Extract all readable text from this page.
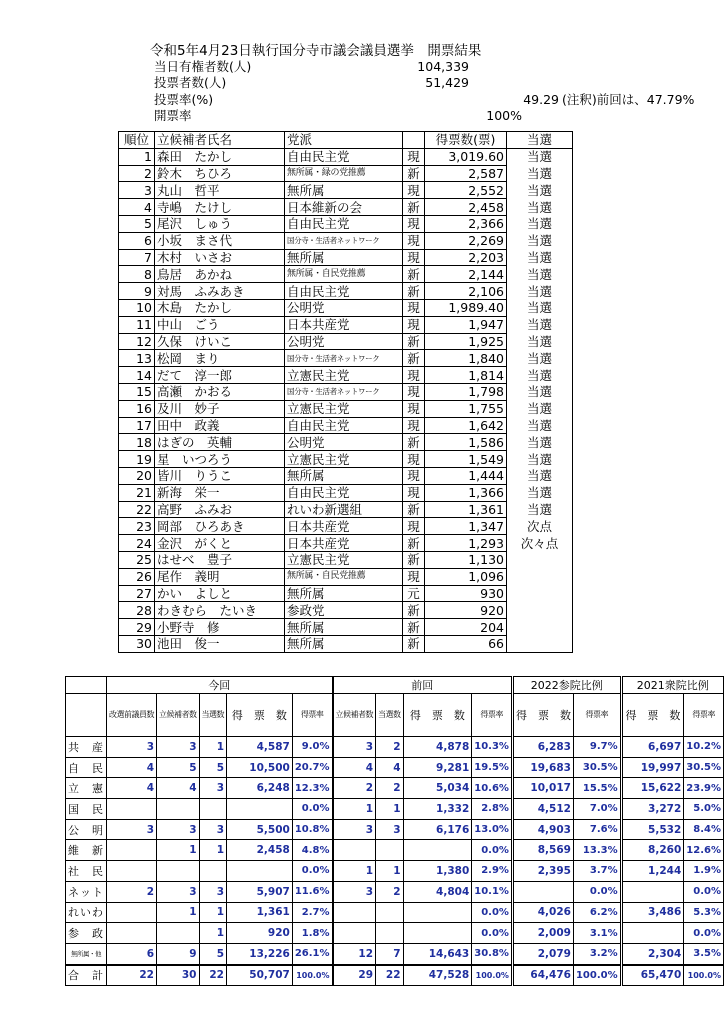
令和5年4月23日執行国分寺市議会議員選挙　開票結果
当日有権者数(人)	104,339
投票者数(人)	51,429
投票率(%)	49.29 (注釈)前回は、47.79%
開票率	100%
順位	立候補者氏名	党派		得票数(票)	当選
1	森田　たかし	自由民主党	現	3,019.60	当選
2	鈴木　ちひろ	無所属・緑の党推薦	新	2,587	当選
3	丸山　哲平	無所属	現	2,552	当選
4	寺嶋　たけし	日本維新の会	新	2,458	当選
5	尾沢　しゅう	自由民主党	現	2,366	当選
6	小坂　まさ代	国分寺・生活者ネットワーク	現	2,269	当選
7	木村　いさお	無所属	現	2,203	当選
8	鳥居　あかね	無所属・自民党推薦	新	2,144	当選
9	対馬　ふみあき	自由民主党	新	2,106	当選
10	木島　たかし	公明党	現	1,989.40	当選
11	中山　ごう	日本共産党	現	1,947	当選
12	久保　けいこ	公明党	新	1,925	当選
13	松岡　まり	国分寺・生活者ネットワーク	新	1,840	当選
14	だて　淳一郎	立憲民主党	現	1,814	当選
15	高瀬　かおる	国分寺・生活者ネットワーク	現	1,798	当選
16	及川　妙子	立憲民主党	現	1,755	当選
17	田中　政義	自由民主党	現	1,642	当選
18	はぎの　英輔	公明党	新	1,586	当選
19	星　いつろう	立憲民主党	現	1,549	当選
20	皆川　りうこ	無所属	現	1,444	当選
21	新海　栄一	自由民主党	現	1,366	当選
22	高野　ふみお	れいわ新選組	新	1,361	当選
23	岡部　ひろあき	日本共産党	現	1,347	次点
24	金沢　がくと	日本共産党	新	1,293	次々点
25	はせべ　豊子	立憲民主党	新	1,130	
26	尾作　義明	無所属・自民党推薦	現	1,096	
27	かい　よしと	無所属	元	930	
28	わきむら　たいき	参政党	新	920	
29	小野寺　修	無所属	新	204	
30	池田　俊一	無所属	新	66	
	今回					前回				2022参院比例		2021衆院比例	

	改選前議員数	立候補者数	当選数	得　票　数	得票率	立候補者数	当選数	得　票　数	得票率	得　票　数	得票率	得　票　数	得票率

共　産	3	3	1	4,587	9.0%	3	2	4,878	10.3%	6,283	9.7%	6,697	10.2%
自　民	4	5	5	10,500	20.7%	4	4	9,281	19.5%	19,683	30.5%	19,997	30.5%
立　憲	4	4	3	6,248	12.3%	2	2	5,034	10.6%	10,017	15.5%	15,622	23.9%
国　民					0.0%	1	1	1,332	2.8%	4,512	7.0%	3,272	5.0%
公　明	3	3	3	5,500	10.8%	3	3	6,176	13.0%	4,903	7.6%	5,532	8.4%
維　新		1	1	2,458	4.8%				0.0%	8,569	13.3%	8,260	12.6%
社　民					0.0%	1	1	1,380	2.9%	2,395	3.7%	1,244	1.9%
ネット	2	3	3	5,907	11.6%	3	2	4,804	10.1%		0.0%		0.0%
れいわ		1	1	1,361	2.7%				0.0%	4,026	6.2%	3,486	5.3%
参　政			1	920	1.8%				0.0%	2,009	3.1%		0.0%
無所属・他	6	9	5	13,226	26.1%	12	7	14,643	30.8%	2,079	3.2%	2,304	3.5%
合　計	22	30	22	50,707	100.0%	29	22	47,528	100.0%	64,476	100.0%	65,470	100.0%
